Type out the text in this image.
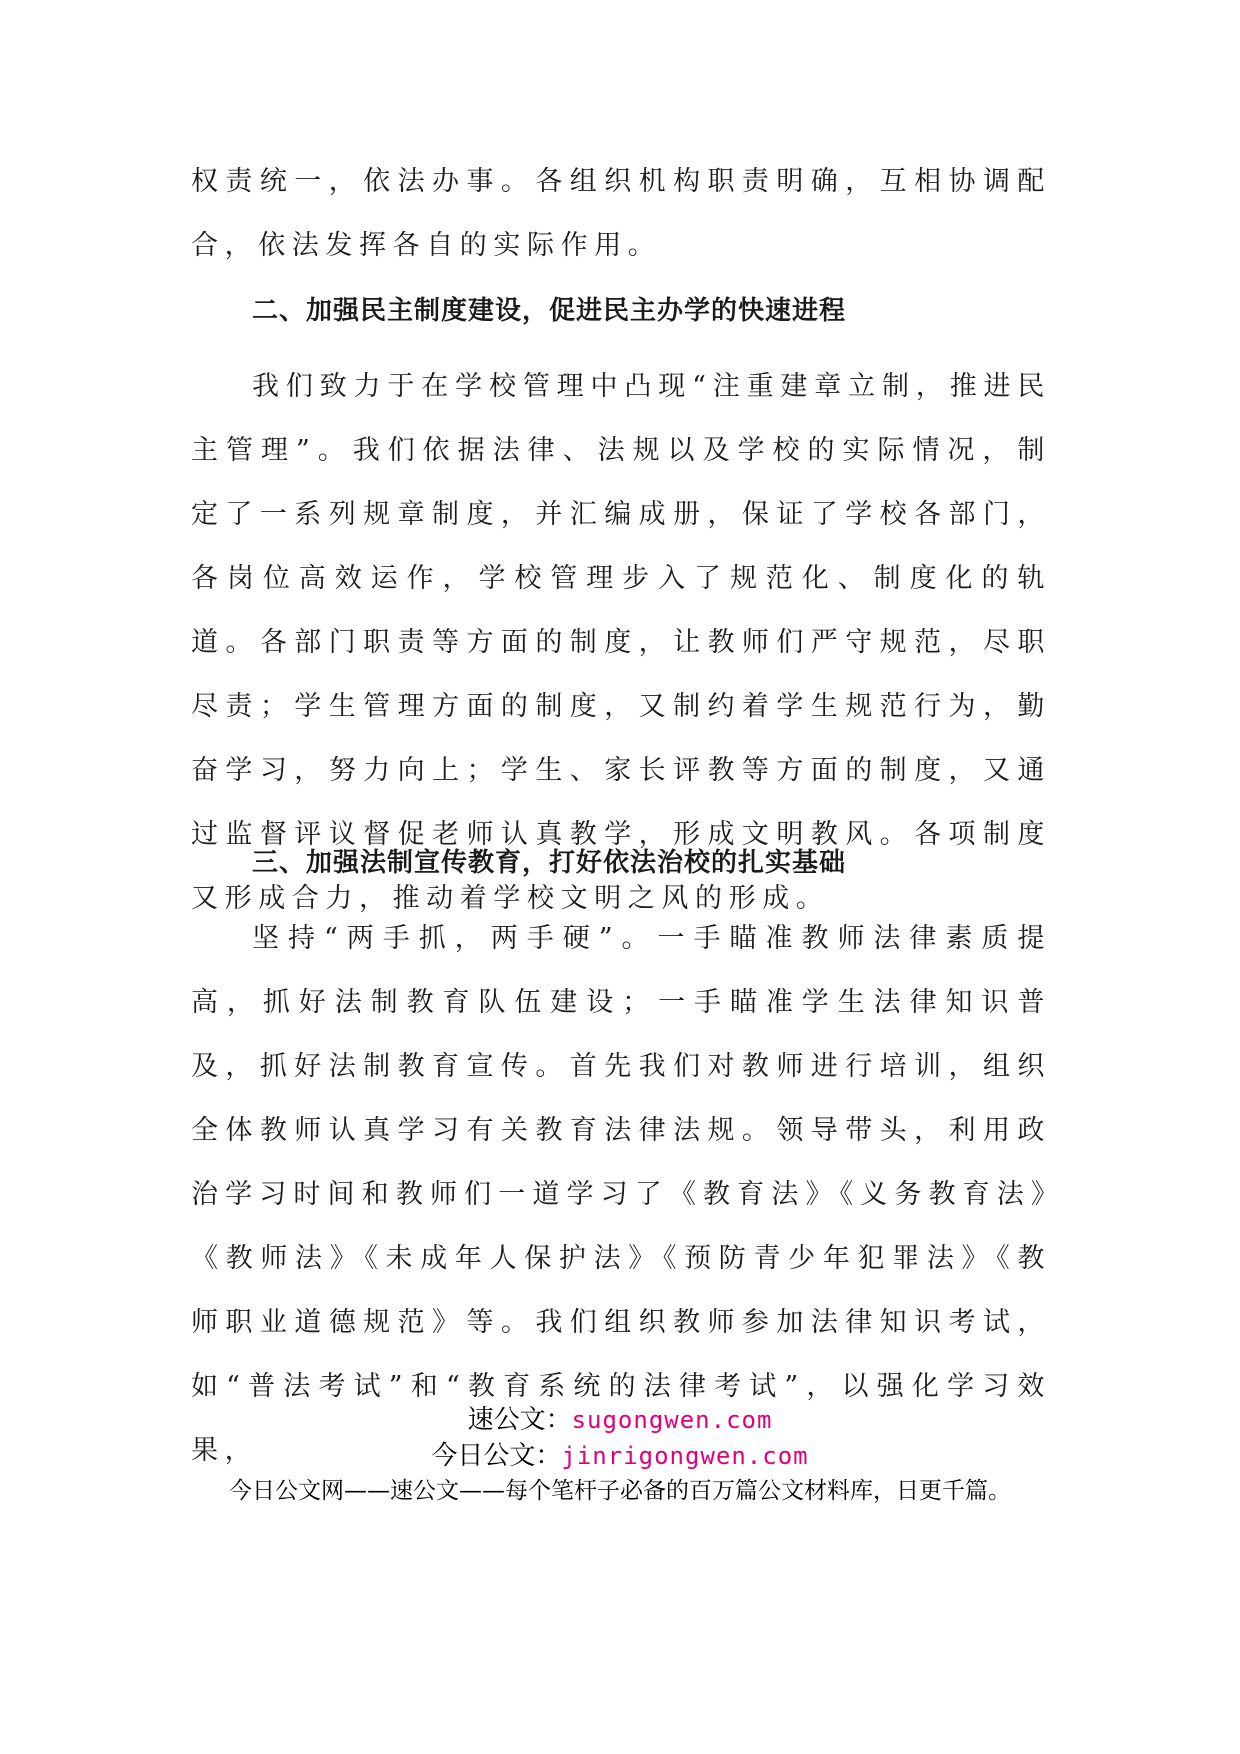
权责统一，依法办事。各组织机构职责明确，互相协调配合，依法发挥各自的实际作用。

二、加强民主制度建设，促进民主办学的快速进程

我们致力于在学校管理中凸现“注重建章立制，推进民主管理”。我们依据法律、法规以及学校的实际情况，制定了一系列规章制度，并汇编成册，保证了学校各部门，各岗位高效运作，学校管理步入了规范化、制度化的轨道。各部门职责等方面的制度，让教师们严守规范，尽职尽责；学生管理方面的制度，又制约着学生规范行为，勤奋学习，努力向上；学生、家长评教等方面的制度，又通过监督评议督促老师认真教学，形成文明教风。各项制度又形成合力，推动着学校文明之风的形成。

三、加强法制宣传教育，打好依法治校的扎实基础

坚持“两手抓，两手硬”。一手瞄准教师法律素质提高，抓好法制教育队伍建设；一手瞄准学生法律知识普及，抓好法制教育宣传。首先我们对教师进行培训，组织全体教师认真学习有关教育法律法规。领导带头，利用政治学习时间和教师们一道学习了《教育法》《义务教育法》《教师法》《未成年人保护法》《预防青少年犯罪法》《教师职业道德规范》等。我们组织教师参加法律知识考试，如“普法考试”和“教育系统的法律考试”，以强化学习效果，

速公文：sugongwen.com

今日公文：jinrigongwen.com

今日公文网——速公文——每个笔杆子必备的百万篇公文材料库，日更千篇。
